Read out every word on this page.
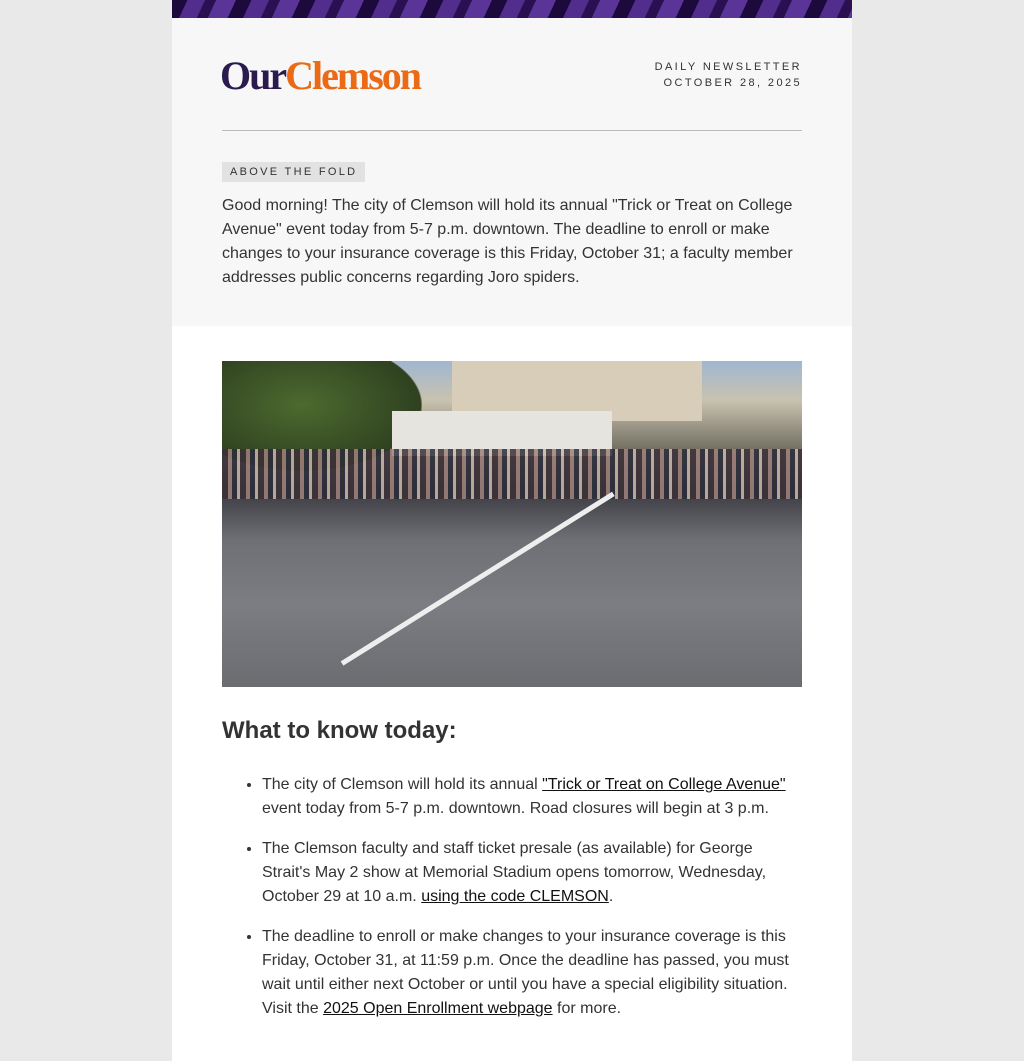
OurClemson	DAILY NEWSLETTER
OCTOBER 28, 2025
ABOVE THE FOLD

Good morning! The city of Clemson will hold its annual "Trick or Treat on College Avenue" event today from 5-7 p.m. downtown. The deadline to enroll or make changes to your insurance coverage is this Friday, October 31; a faculty member addresses public concerns regarding Joro spiders.

What to know today:
• The city of Clemson will hold its annual "Trick or Treat on College Avenue" event today from 5-7 p.m. downtown. Road closures will begin at 3 p.m.
• The Clemson faculty and staff ticket presale (as available) for George Strait's May 2 show at Memorial Stadium opens tomorrow, Wednesday, October 29 at 10 a.m. using the code CLEMSON.
• The deadline to enroll or make changes to your insurance coverage is this Friday, October 31, at 11:59 p.m. Once the deadline has passed, you must wait until either next October or until you have a special eligibility situation. Visit the 2025 Open Enrollment webpage for more.
